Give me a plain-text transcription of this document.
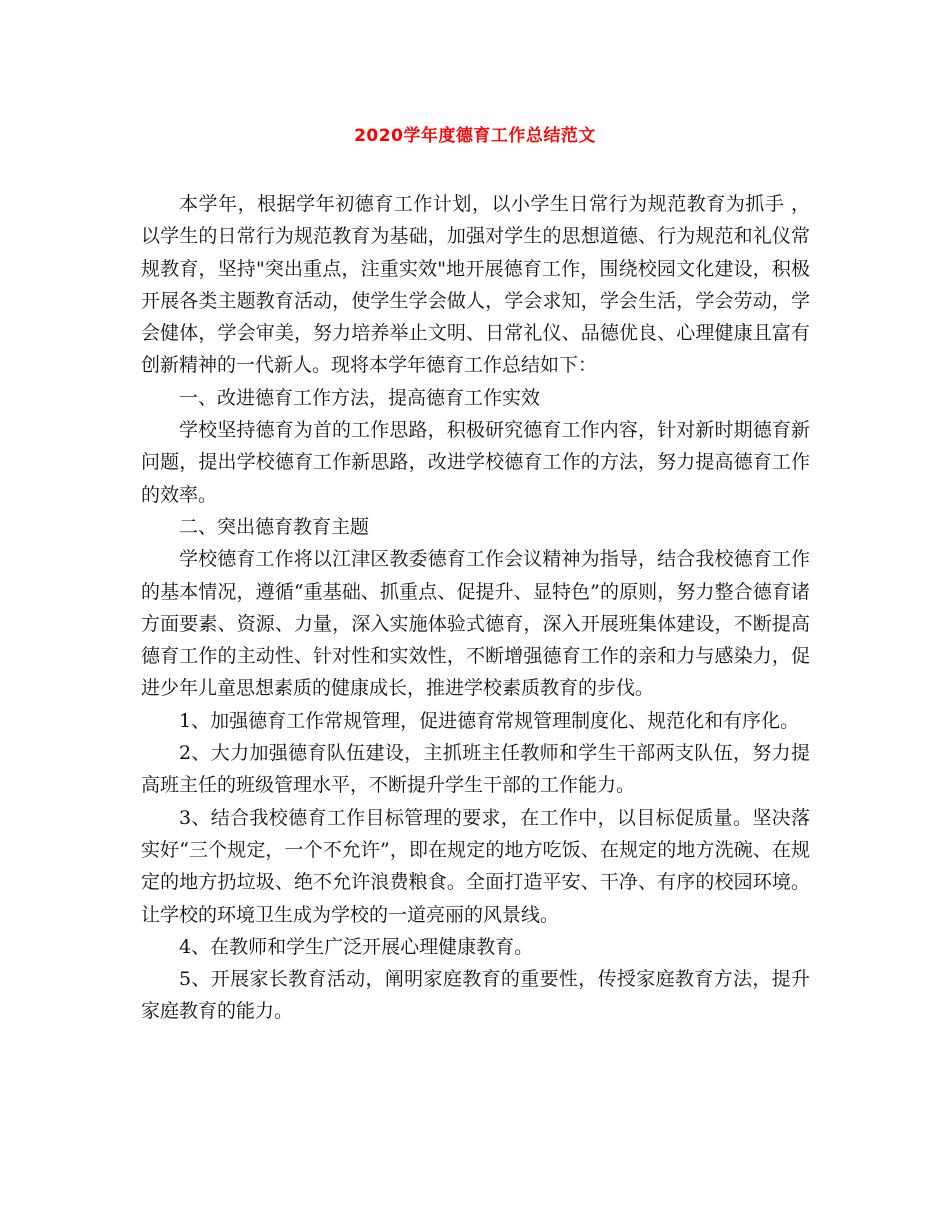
2020学年度德育工作总结范文

本学年，根据学年初德育工作计划，以小学生日常行为规范教育为抓手 ，以学生的日常行为规范教育为基础，加强对学生的思想道德、行为规范和礼仪常规教育，坚持"突出重点，注重实效"地开展德育工作，围绕校园文化建设，积极开展各类主题教育活动，使学生学会做人，学会求知，学会生活，学会劳动，学会健体，学会审美，努力培养举止文明、日常礼仪、品德优良、心理健康且富有创新精神的一代新人。现将本学年德育工作总结如下：

一、改进德育工作方法，提高德育工作实效

学校坚持德育为首的工作思路，积极研究德育工作内容，针对新时期德育新问题，提出学校德育工作新思路，改进学校德育工作的方法，努力提高德育工作的效率。

二、突出德育教育主题

学校德育工作将以江津区教委德育工作会议精神为指导，结合我校德育工作的基本情况，遵循“重基础、抓重点、促提升、显特色”的原则，努力整合德育诸方面要素、资源、力量，深入实施体验式德育，深入开展班集体建设，不断提高德育工作的主动性、针对性和实效性，不断增强德育工作的亲和力与感染力，促进少年儿童思想素质的健康成长，推进学校素质教育的步伐。

1、加强德育工作常规管理，促进德育常规管理制度化、规范化和有序化。

2、大力加强德育队伍建设，主抓班主任教师和学生干部两支队伍，努力提高班主任的班级管理水平，不断提升学生干部的工作能力。

3、结合我校德育工作目标管理的要求，在工作中，以目标促质量。坚决落实好“三个规定，一个不允许”，即在规定的地方吃饭、在规定的地方洗碗、在规定的地方扔垃圾、绝不允许浪费粮食。全面打造平安、干净、有序的校园环境。让学校的环境卫生成为学校的一道亮丽的风景线。

4、在教师和学生广泛开展心理健康教育。

5、开展家长教育活动，阐明家庭教育的重要性，传授家庭教育方法，提升家庭教育的能力。
